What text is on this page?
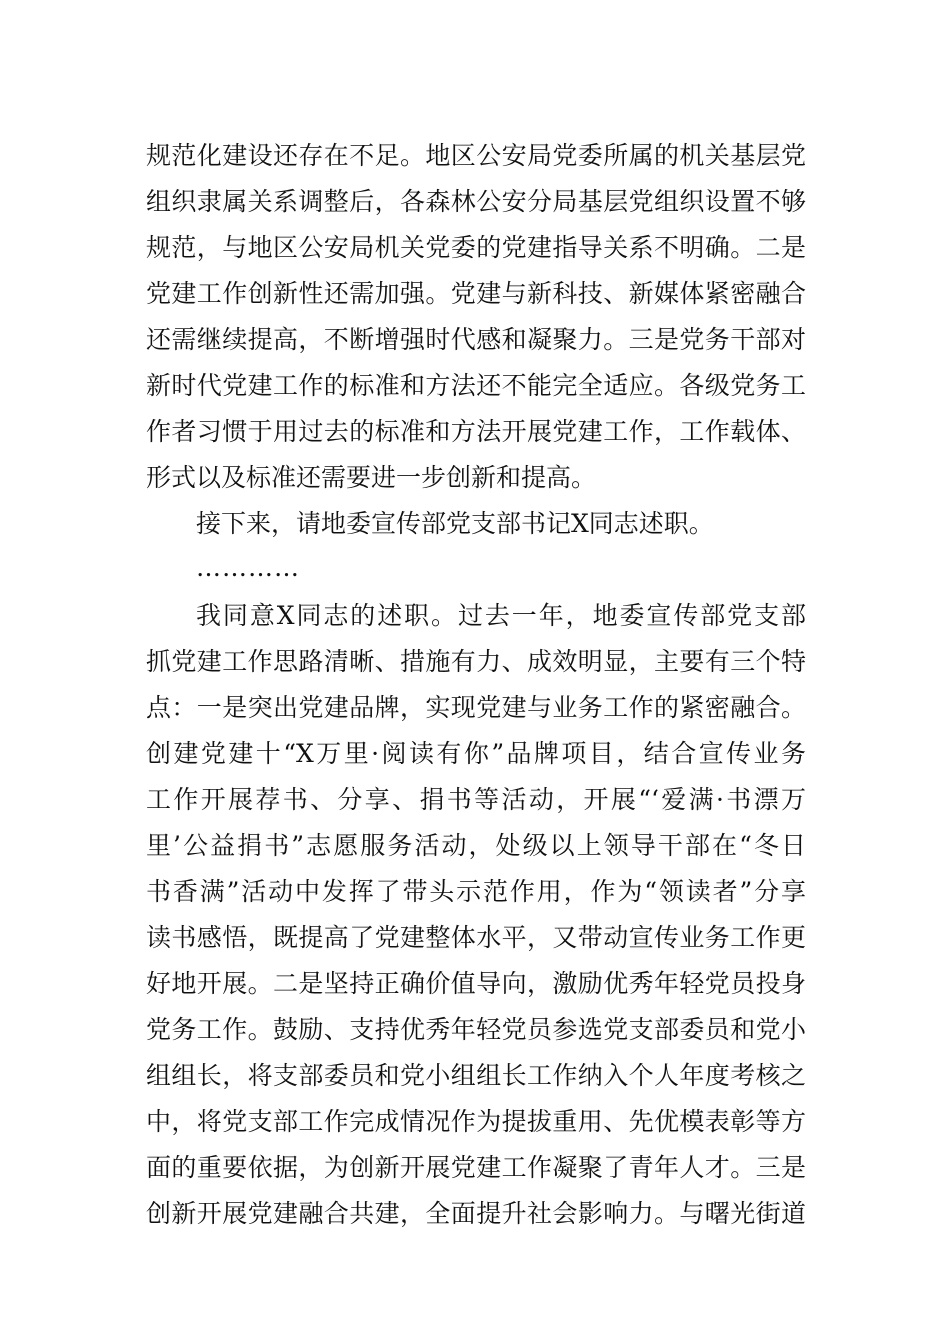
规范化建设还存在不足。地区公安局党委所属的机关基层党
组织隶属关系调整后，各森林公安分局基层党组织设置不够
规范，与地区公安局机关党委的党建指导关系不明确。二是
党建工作创新性还需加强。党建与新科技、新媒体紧密融合
还需继续提高，不断增强时代感和凝聚力。三是党务干部对
新时代党建工作的标准和方法还不能完全适应。各级党务工
作者习惯于用过去的标准和方法开展党建工作，工作载体、
形式以及标准还需要进一步创新和提高。
接下来，请地委宣传部党支部书记X同志述职。
…………
我同意X同志的述职。过去一年，地委宣传部党支部
抓党建工作思路清晰、措施有力、成效明显，主要有三个特
点：一是突出党建品牌，实现党建与业务工作的紧密融合。
创建党建十“X万里·阅读有你”品牌项目，结合宣传业务
工作开展荐书、分享、捐书等活动，开展“‘爱满·书漂万
里’公益捐书”志愿服务活动，处级以上领导干部在“冬日
书香满”活动中发挥了带头示范作用，作为“领读者”分享
读书感悟，既提高了党建整体水平，又带动宣传业务工作更
好地开展。二是坚持正确价值导向，激励优秀年轻党员投身
党务工作。鼓励、支持优秀年轻党员参选党支部委员和党小
组组长，将支部委员和党小组组长工作纳入个人年度考核之
中，将党支部工作完成情况作为提拔重用、先优模表彰等方
面的重要依据，为创新开展党建工作凝聚了青年人才。三是
创新开展党建融合共建，全面提升社会影响力。与曙光街道
